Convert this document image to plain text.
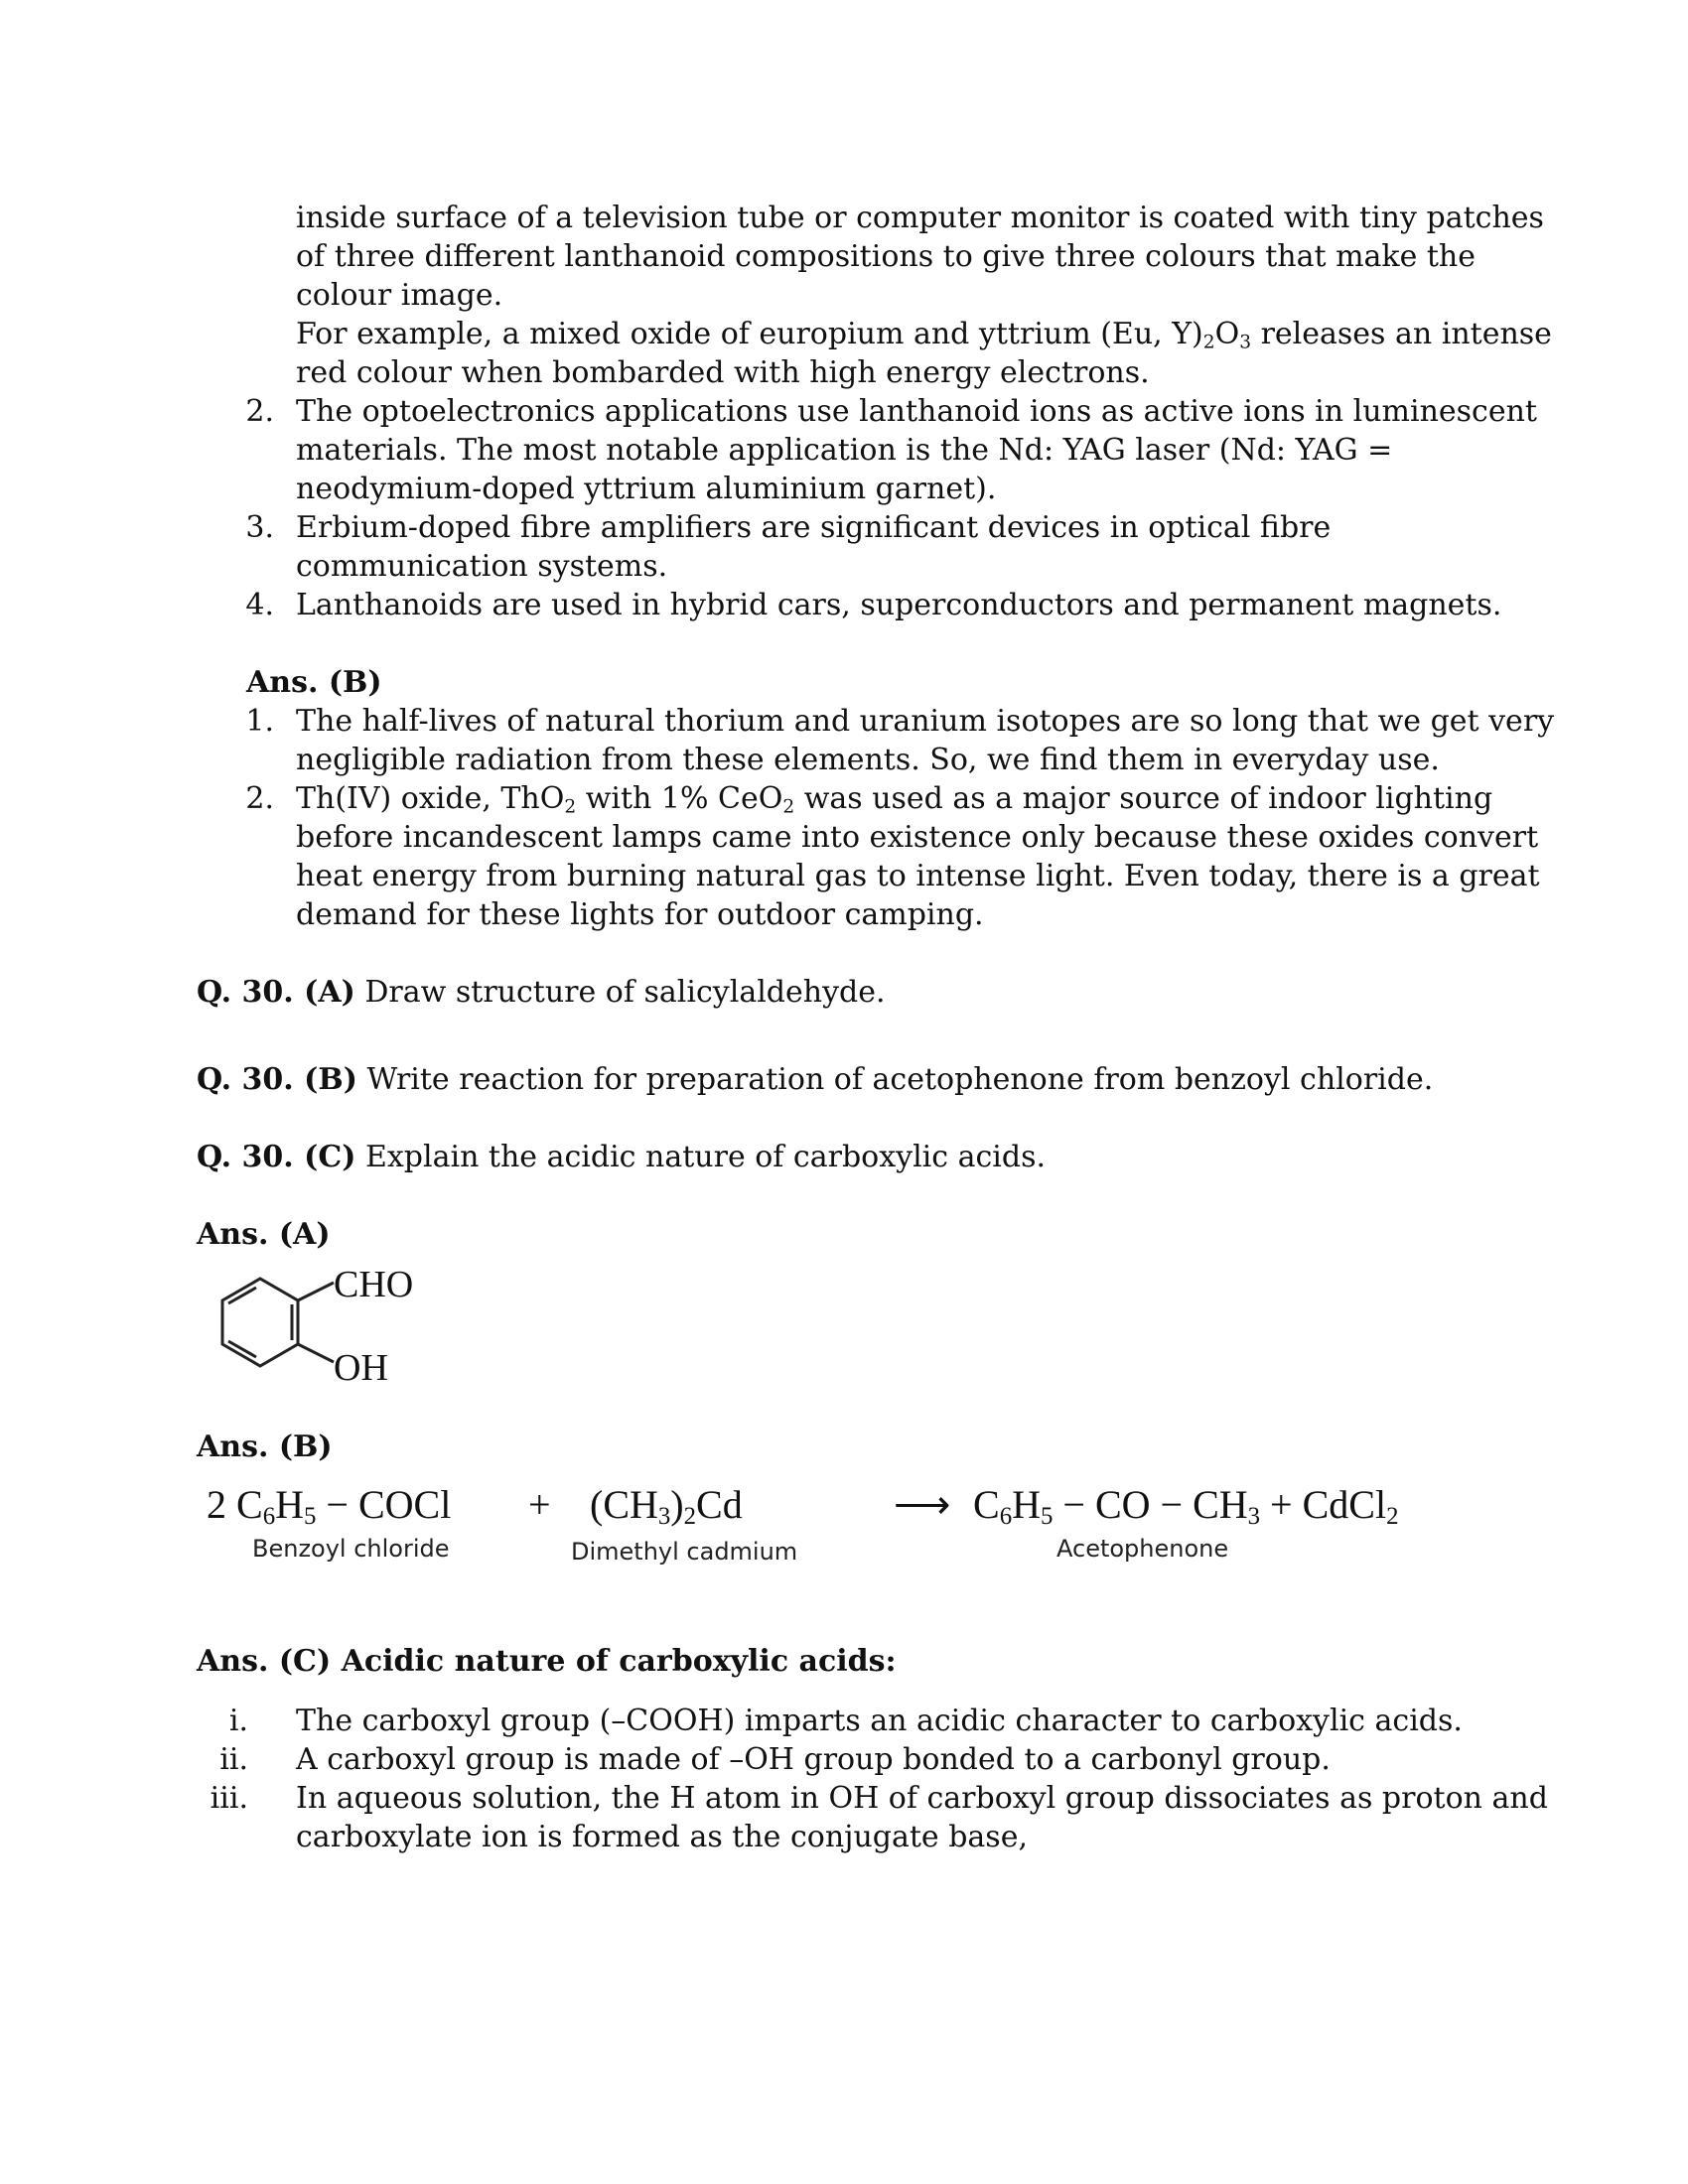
inside surface of a television tube or computer monitor is coated with tiny patches
of three different lanthanoid compositions to give three colours that make the
colour image.
For example, a mixed oxide of europium and yttrium (Eu, $Y)_2O_3$ releases an intense
red colour when bombarded with high energy electrons.
2. The optoelectronics applications use lanthanoid ions as active ions in luminescent
materials. The most notable application is the Nd: YAG laser (Nd: YAG =
neodymium-doped yttrium aluminium garnet).
3. Erbium-doped fibre amplifiers are significant devices in optical fibre
communication systems.
4. Lanthanoids are used in hybrid cars, superconductors and permanent magnets.
Ans. (B)
1. The half-lives of natural thorium and uranium isotopes are so long that we get very
negligible radiation from these elements. So, we find them in everyday use.
2. Th(IV) oxide, ThO$_2$ with 1% CeO$_2$ was used as a major source of indoor lighting
before incandescent lamps came into existence only because these oxides convert
heat energy from burning natural gas to intense light. Even today, there is a great
demand for these lights for outdoor camping.
Q. 30. (A) Draw structure of salicylaldehyde.
Q. 30. (B) Write reaction for preparation of acetophenone from benzoyl chloride.
Q. 30. (C) Explain the acidic nature of carboxylic acids.
Ans. (A)
CHO
OH
Ans. (B)
2 $C_6H_5$ − COCl + $(CH_3)_2Cd$	⟶ $C_6H_5$ − CO − $CH_3$ + CdCl$_2$
Benzoyl chloride	Dimethyl cadmium	Acetophenone
Ans. (C) Acidic nature of carboxylic acids:
i. The carboxyl group (–COOH) imparts an acidic character to carboxylic acids.
ii. A carboxyl group is made of –OH group bonded to a carbonyl group.
iii. In aqueous solution, the H atom in OH of carboxyl group dissociates as proton and
carboxylate ion is formed as the conjugate base,
